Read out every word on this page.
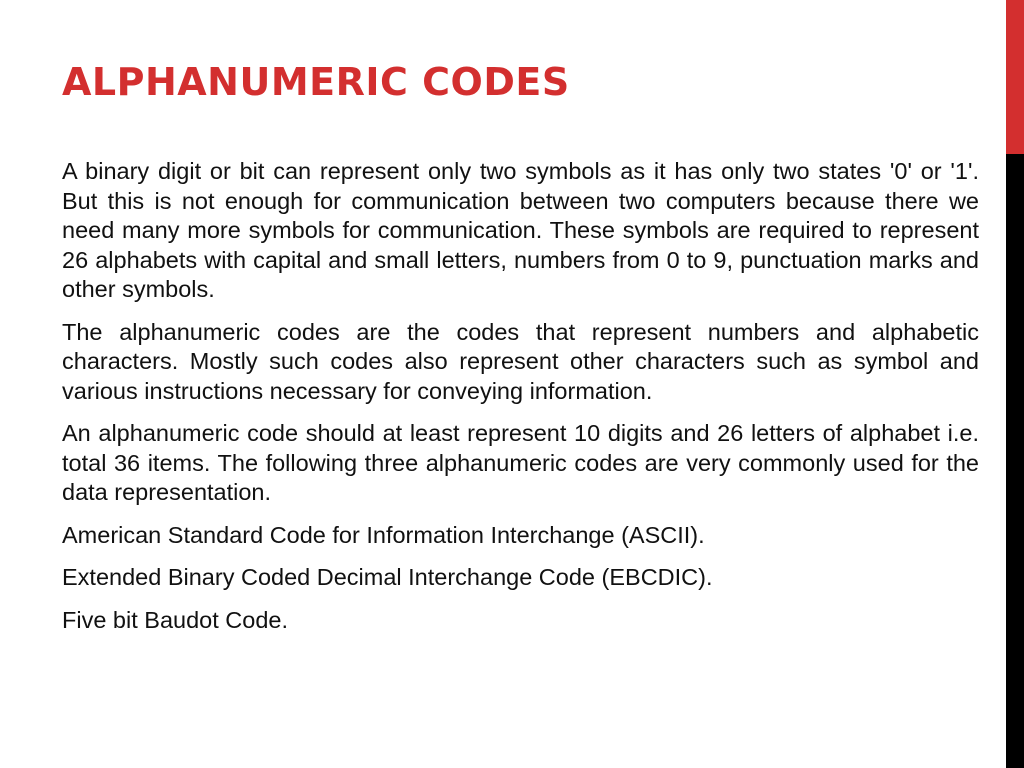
ALPHANUMERIC CODES

A binary digit or bit can represent only two symbols as it has only two states '0' or '1'. But this is not enough for communication between two computers because there we need many more symbols for communication. These symbols are required to represent 26 alphabets with capital and small letters, numbers from 0 to 9, punctuation marks and other symbols.

The alphanumeric codes are the codes that represent numbers and alphabetic characters. Mostly such codes also represent other characters such as symbol and various instructions necessary for conveying information.

An alphanumeric code should at least represent 10 digits and 26 letters of alphabet i.e. total 36 items. The following three alphanumeric codes are very commonly used for the data representation.

American Standard Code for Information Interchange (ASCII).

Extended Binary Coded Decimal Interchange Code (EBCDIC).

Five bit Baudot Code.
